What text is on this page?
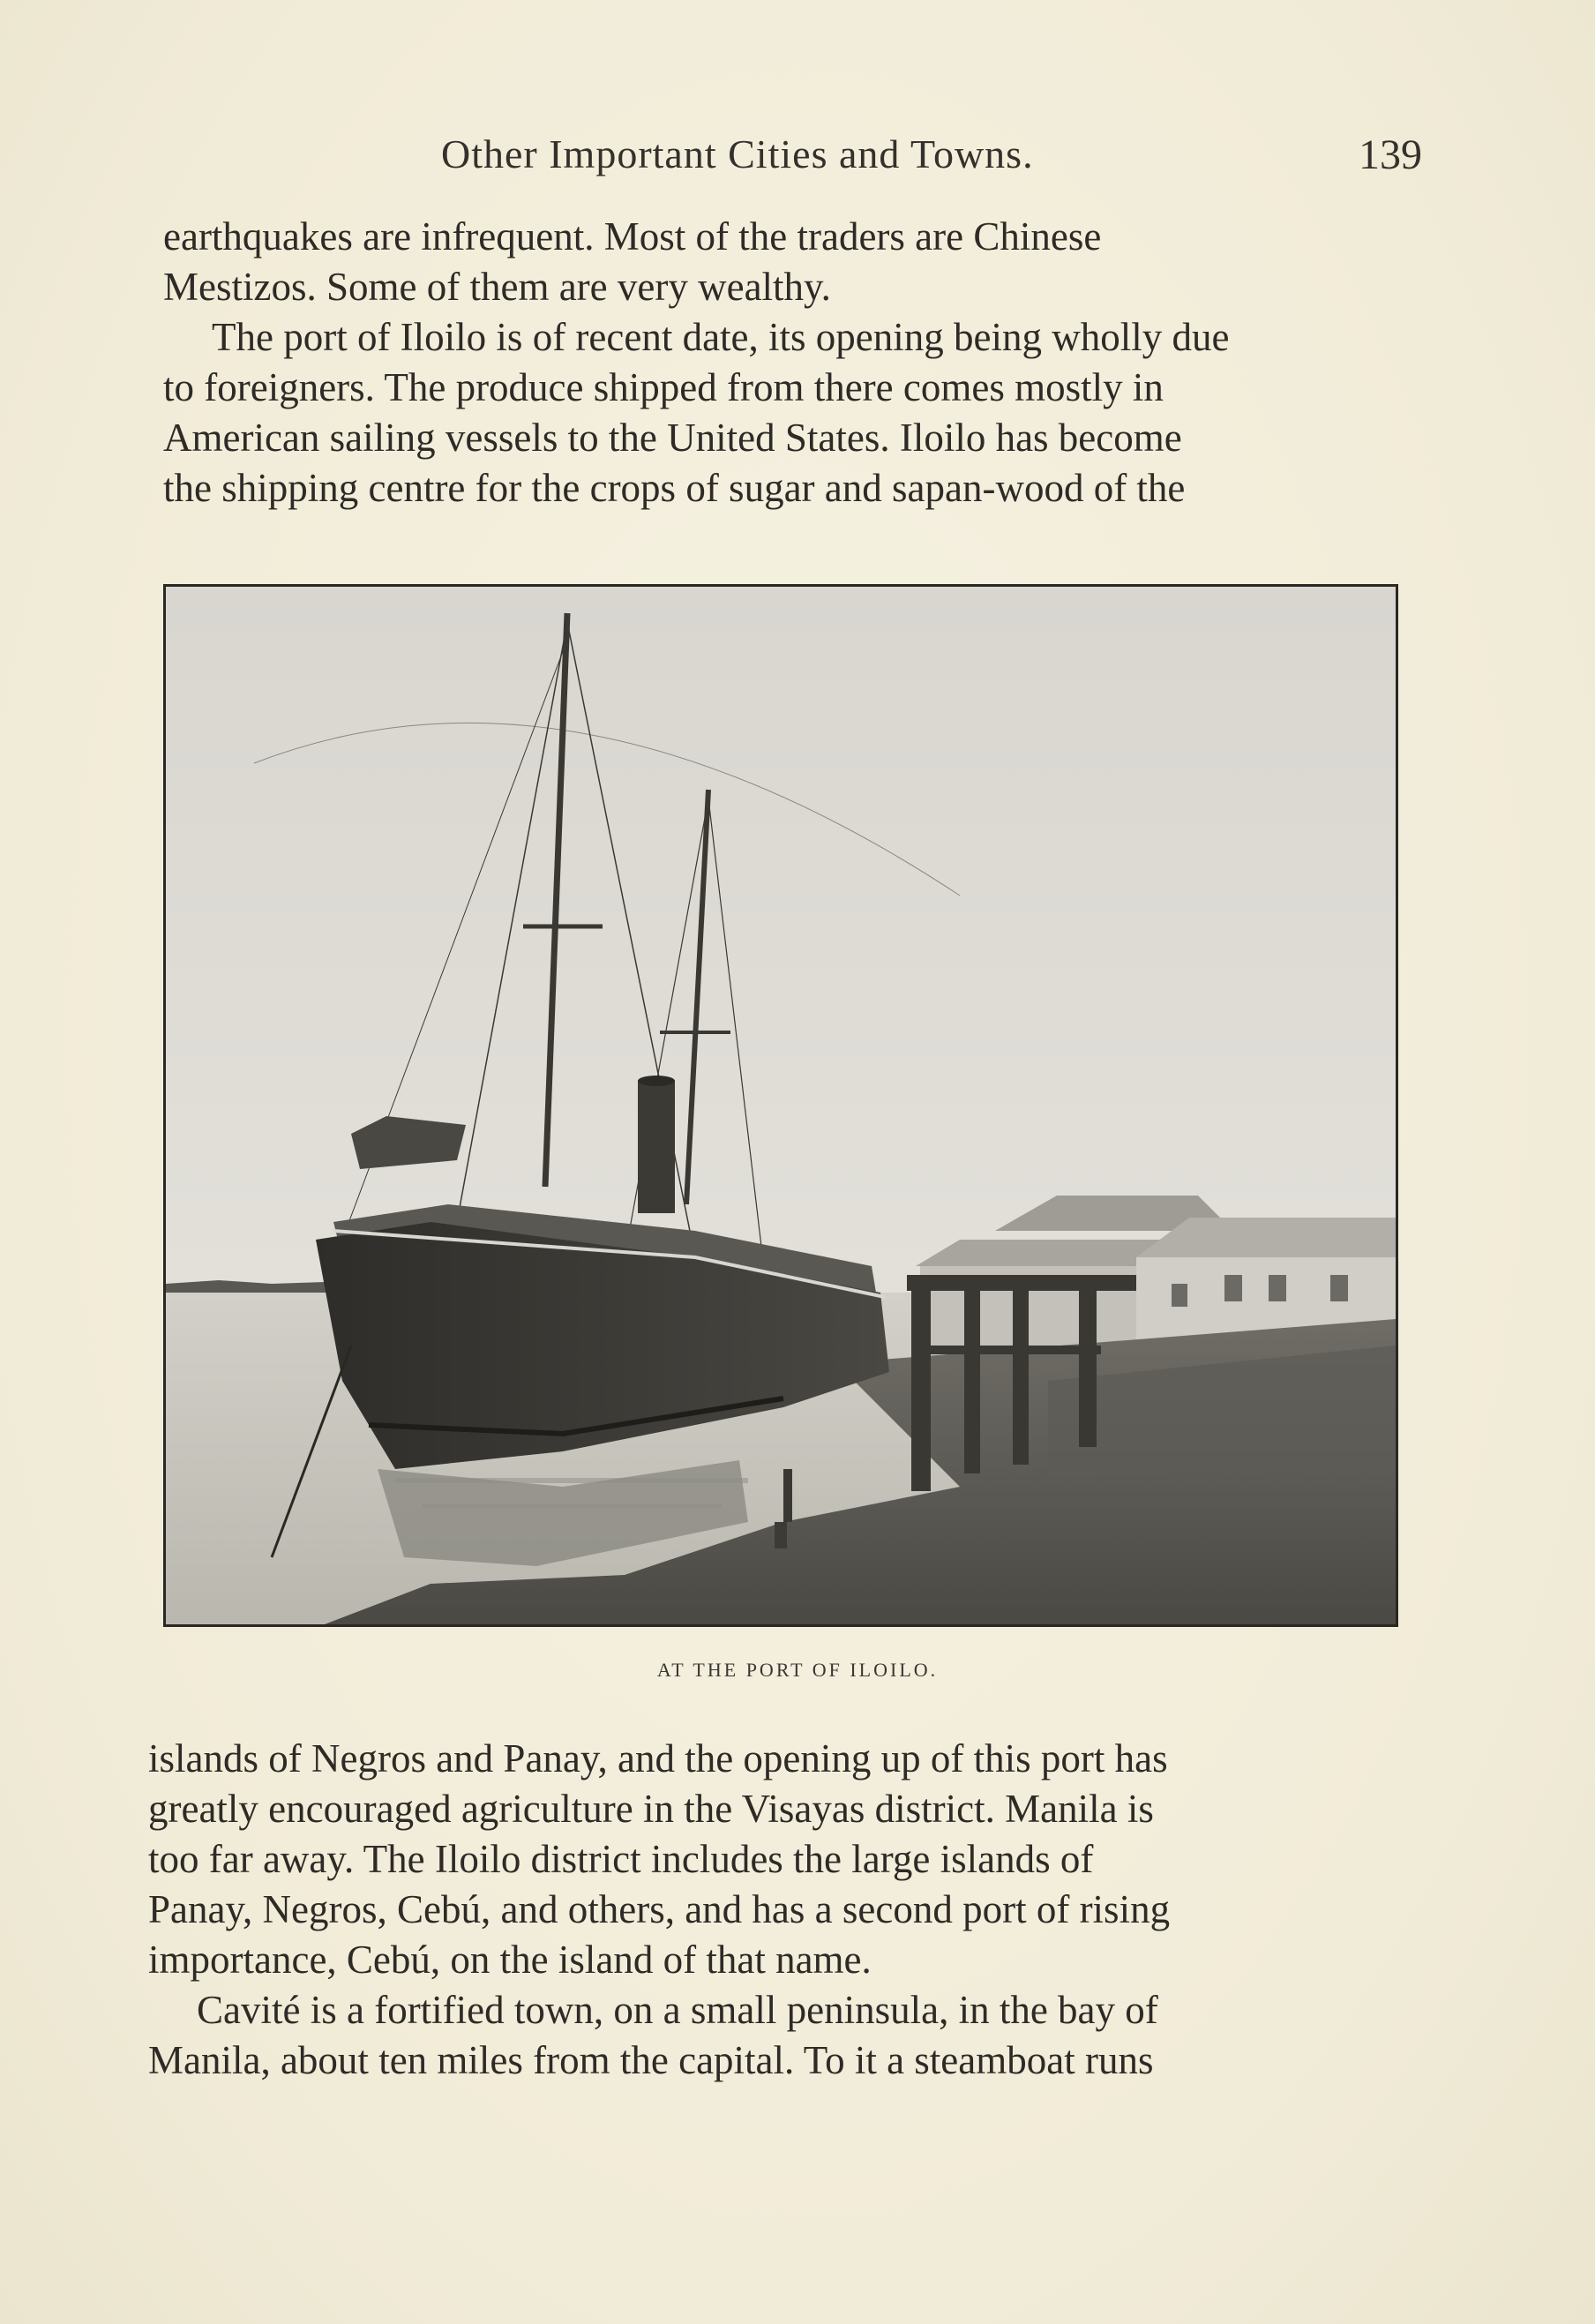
Other Important Cities and Towns.	139
earthquakes are infrequent. Most of the traders are Chinese
Mestizos. Some of them are very wealthy.
The port of Iloilo is of recent date, its opening being wholly due
to foreigners. The produce shipped from there comes mostly in
American sailing vessels to the United States. Iloilo has become
the shipping centre for the crops of sugar and sapan-wood of the
AT THE PORT OF ILOILO.
islands of Negros and Panay, and the opening up of this port has
greatly encouraged agriculture in the Visayas district. Manila is
too far away. The Iloilo district includes the large islands of
Panay, Negros, Cebú, and others, and has a second port of rising
importance, Cebú, on the island of that name.
Cavité is a fortified town, on a small peninsula, in the bay of
Manila, about ten miles from the capital. To it a steamboat runs
